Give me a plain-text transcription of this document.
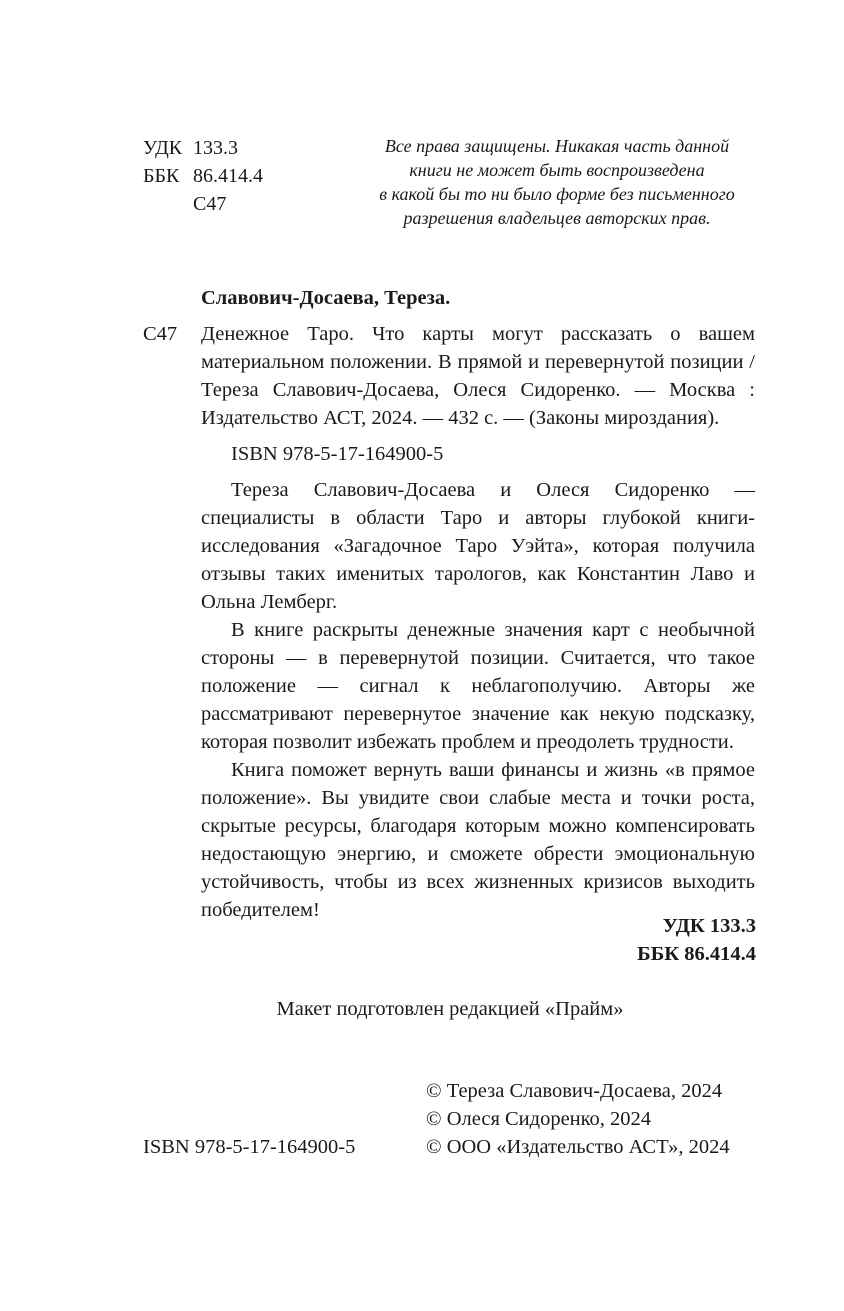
УДК 133.3
ББК 86.414.4
С47
Все права защищены. Никакая часть данной
книги не может быть воспроизведена
в какой бы то ни было форме без письменного
разрешения владельцев авторских прав.
Славович-Досаева, Тереза.
С47	Денежное Таро. Что карты могут рассказать о вашем материальном положении. В прямой и перевернутой позиции / Тереза Славович-Досаева, Олеся Сидоренко. — Москва : Издательство АСТ, 2024. — 432 с. — (Законы мироздания).
ISBN 978-5-17-164900-5

Тереза Славович-Досаева и Олеся Сидоренко — специалисты в области Таро и авторы глубокой книги-исследования «Загадочное Таро Уэйта», которая получила отзывы таких именитых тарологов, как Константин Лаво и Ольна Лемберг.

В книге раскрыты денежные значения карт с необычной стороны — в перевернутой позиции. Считается, что такое положение — сигнал к неблагополучию. Авторы же рассматривают перевернутое значение как некую подсказку, которая позволит избежать проблем и преодолеть трудности.

Книга поможет вернуть ваши финансы и жизнь «в прямое положение». Вы увидите свои слабые места и точки роста, скрытые ресурсы, благодаря которым можно компенсировать недостающую энергию, и сможете обрести эмоциональную устойчивость, чтобы из всех жизненных кризисов выходить победителем!

УДК 133.3
ББК 86.414.4
Макет подготовлен редакцией «Прайм»
© Тереза Славович-Досаева, 2024
© Олеся Сидоренко, 2024
© ООО «Издательство АСТ», 2024
ISBN 978-5-17-164900-5
